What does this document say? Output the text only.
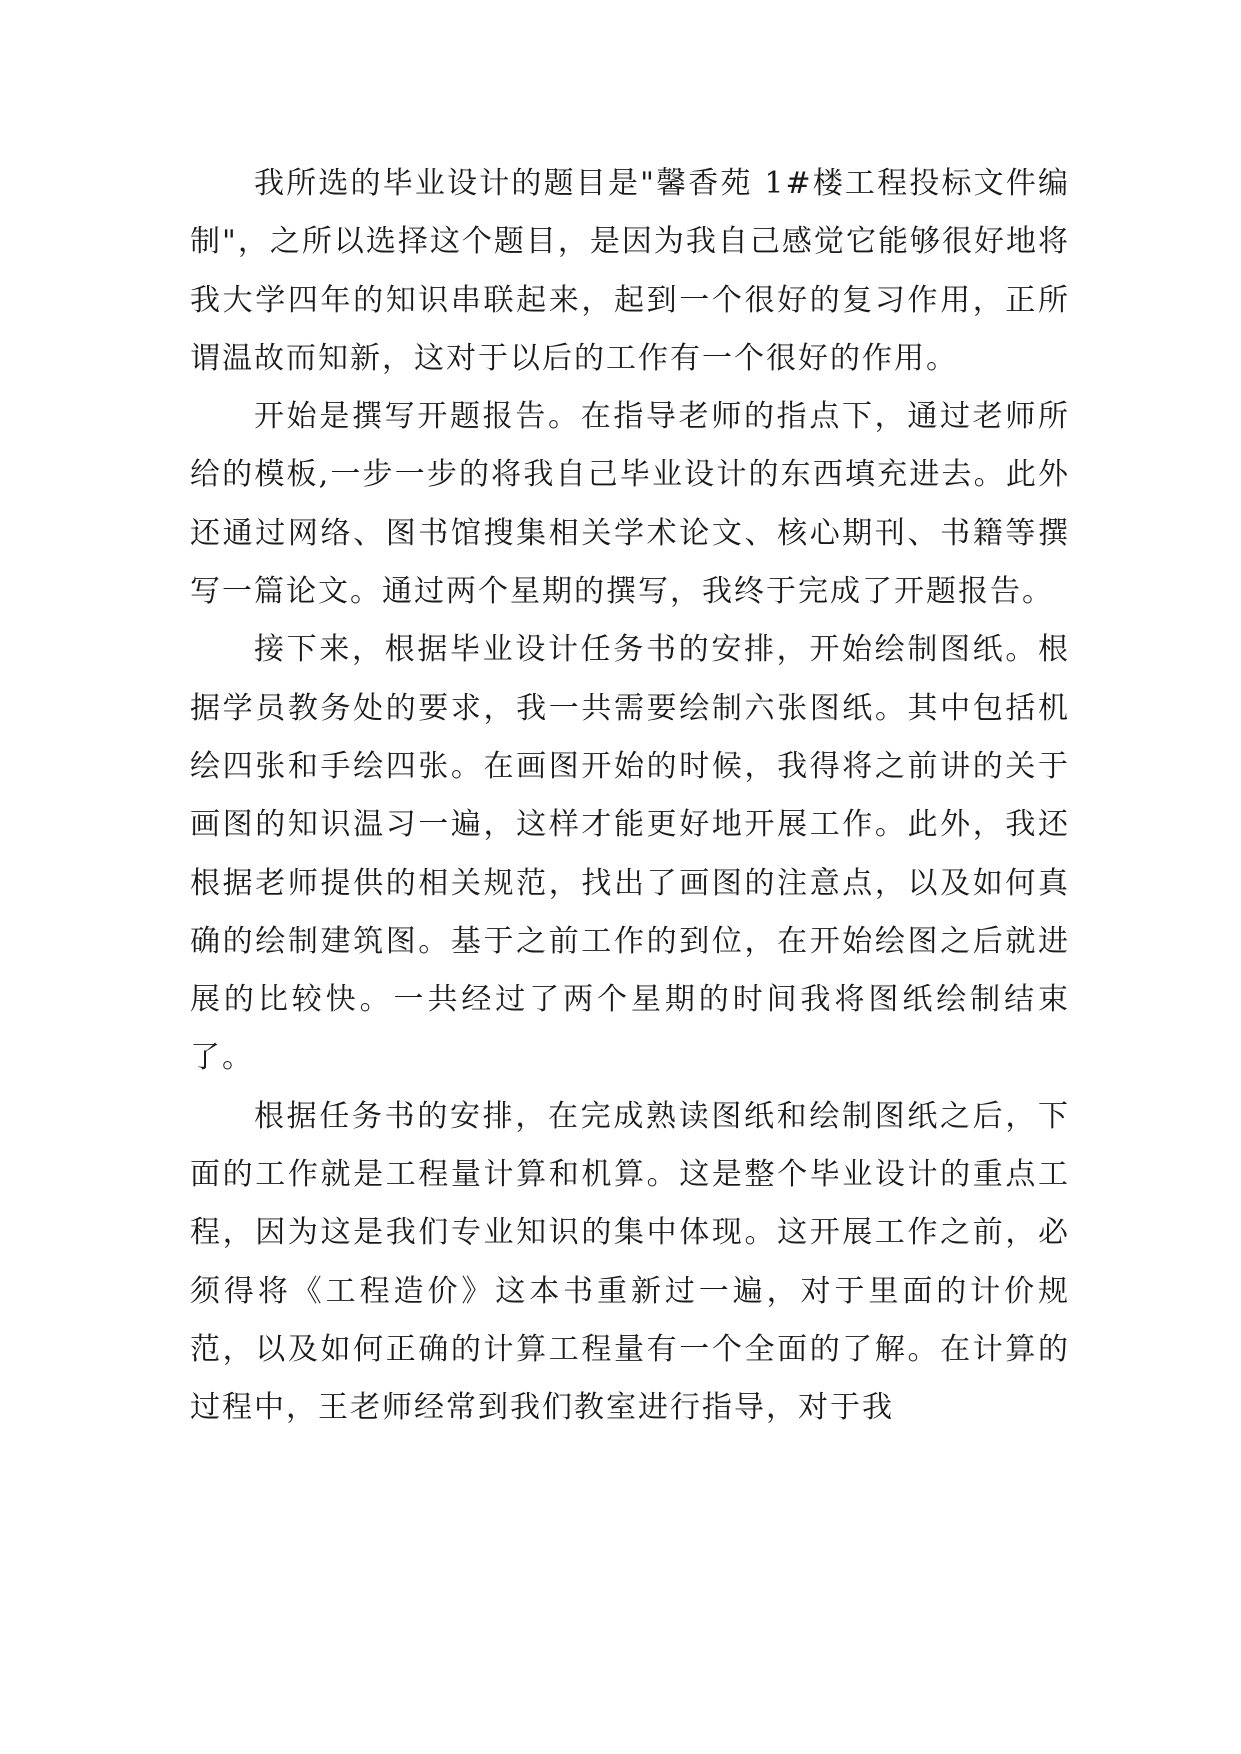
我所选的毕业设计的题目是"馨香苑 1#楼工程投标文件编制"，之所以选择这个题目，是因为我自己感觉它能够很好地将我大学四年的知识串联起来，起到一个很好的复习作用，正所谓温故而知新，这对于以后的工作有一个很好的作用。

开始是撰写开题报告。在指导老师的指点下，通过老师所给的模板,一步一步的将我自己毕业设计的东西填充进去。此外还通过网络、图书馆搜集相关学术论文、核心期刊、书籍等撰写一篇论文。通过两个星期的撰写，我终于完成了开题报告。

接下来，根据毕业设计任务书的安排，开始绘制图纸。根据学员教务处的要求，我一共需要绘制六张图纸。其中包括机绘四张和手绘四张。在画图开始的时候，我得将之前讲的关于画图的知识温习一遍，这样才能更好地开展工作。此外，我还根据老师提供的相关规范，找出了画图的注意点，以及如何真确的绘制建筑图。基于之前工作的到位，在开始绘图之后就进展的比较快。一共经过了两个星期的时间我将图纸绘制结束了。

根据任务书的安排，在完成熟读图纸和绘制图纸之后，下面的工作就是工程量计算和机算。这是整个毕业设计的重点工程，因为这是我们专业知识的集中体现。这开展工作之前，必须得将《工程造价》这本书重新过一遍，对于里面的计价规范，以及如何正确的计算工程量有一个全面的了解。在计算的过程中，王老师经常到我们教室进行指导，对于我
